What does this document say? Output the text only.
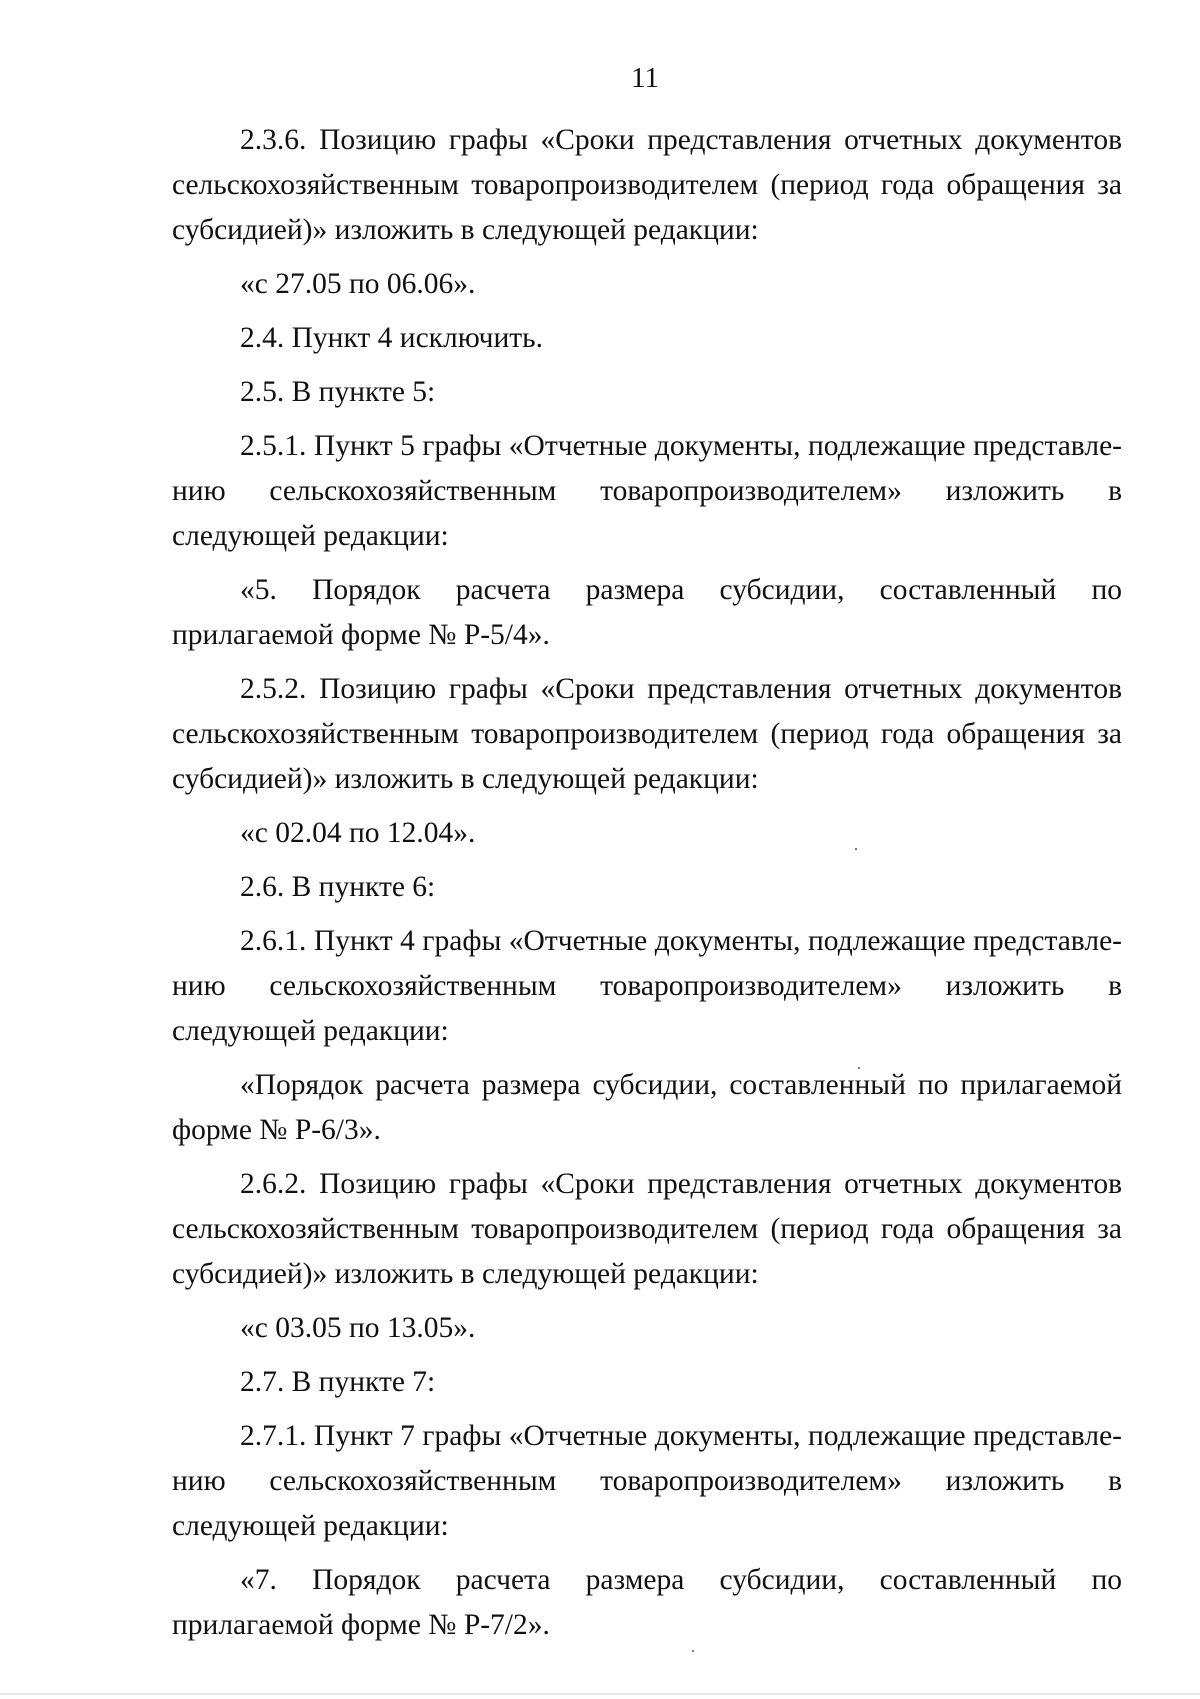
11

2.3.6. Позицию графы «Сроки представления отчетных документов сельскохозяйственным товаропроизводителем (период года обращения за субсидией)» изложить в следующей редакции:

«с 27.05 по 06.06».

2.4. Пункт 4 исключить.

2.5. В пункте 5:

2.5.1. Пункт 5 графы «Отчетные документы, подлежащие представле-нию сельскохозяйственным товаропроизводителем» изложить в следующей редакции:

«5. Порядок расчета размера субсидии, составленный по прилагаемой форме № Р-5/4».

2.5.2. Позицию графы «Сроки представления отчетных документов сельскохозяйственным товаропроизводителем (период года обращения за субсидией)» изложить в следующей редакции:

«с 02.04 по 12.04».

2.6. В пункте 6:

2.6.1. Пункт 4 графы «Отчетные документы, подлежащие представле-нию сельскохозяйственным товаропроизводителем» изложить в следующей редакции:

«Порядок расчета размера субсидии, составленный по прилагаемой форме № Р-6/3».

2.6.2. Позицию графы «Сроки представления отчетных документов сельскохозяйственным товаропроизводителем (период года обращения за субсидией)» изложить в следующей редакции:

«с 03.05 по 13.05».

2.7. В пункте 7:

2.7.1. Пункт 7 графы «Отчетные документы, подлежащие представле-нию сельскохозяйственным товаропроизводителем» изложить в следующей редакции:

«7. Порядок расчета размера субсидии, составленный по прилагаемой форме № Р-7/2».
